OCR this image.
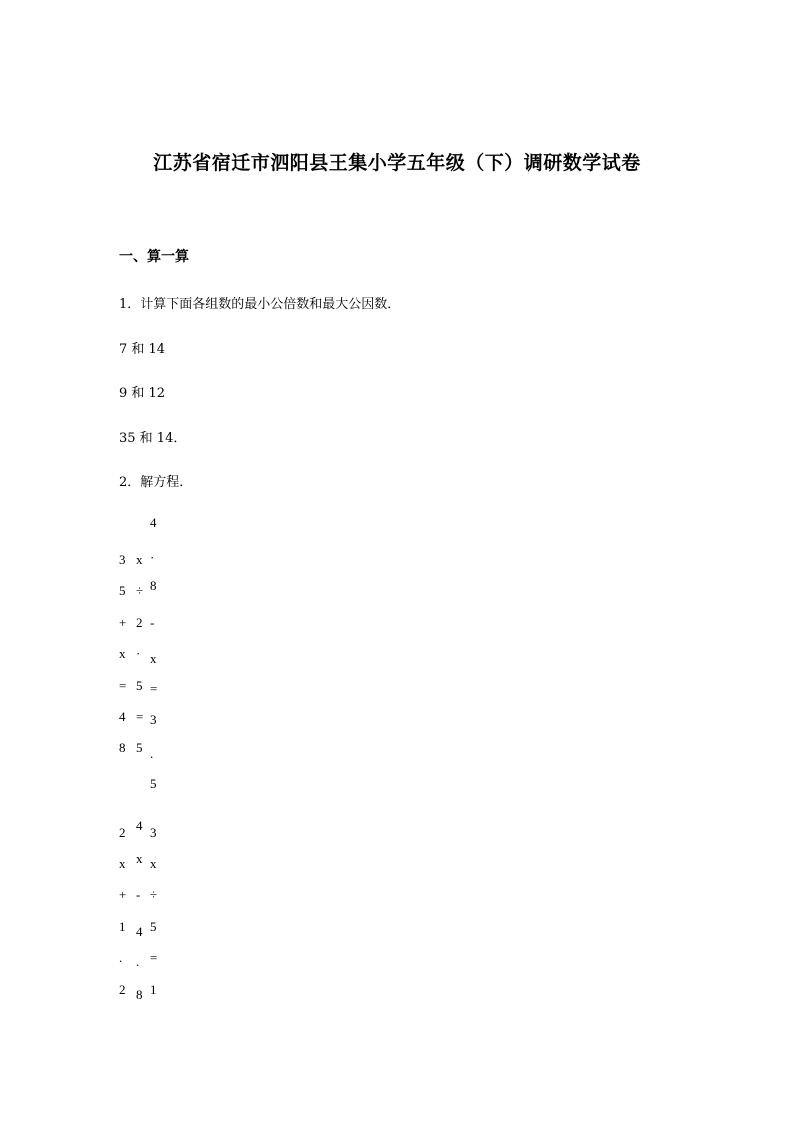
江苏省宿迁市泗阳县王集小学五年级（下）调研数学试卷
一、算一算
1．计算下面各组数的最小公倍数和最大公因数．
7 和 14
9 和 12
35 和 14．
2．解方程．
3
5
+
x
=
4
8
x
÷
2
·
5
=
5
4
·
8
-
x
=
3
.
5
2
x
+
1
.
2
4
x
-
4
.
8
3
x
÷
5
=
1
